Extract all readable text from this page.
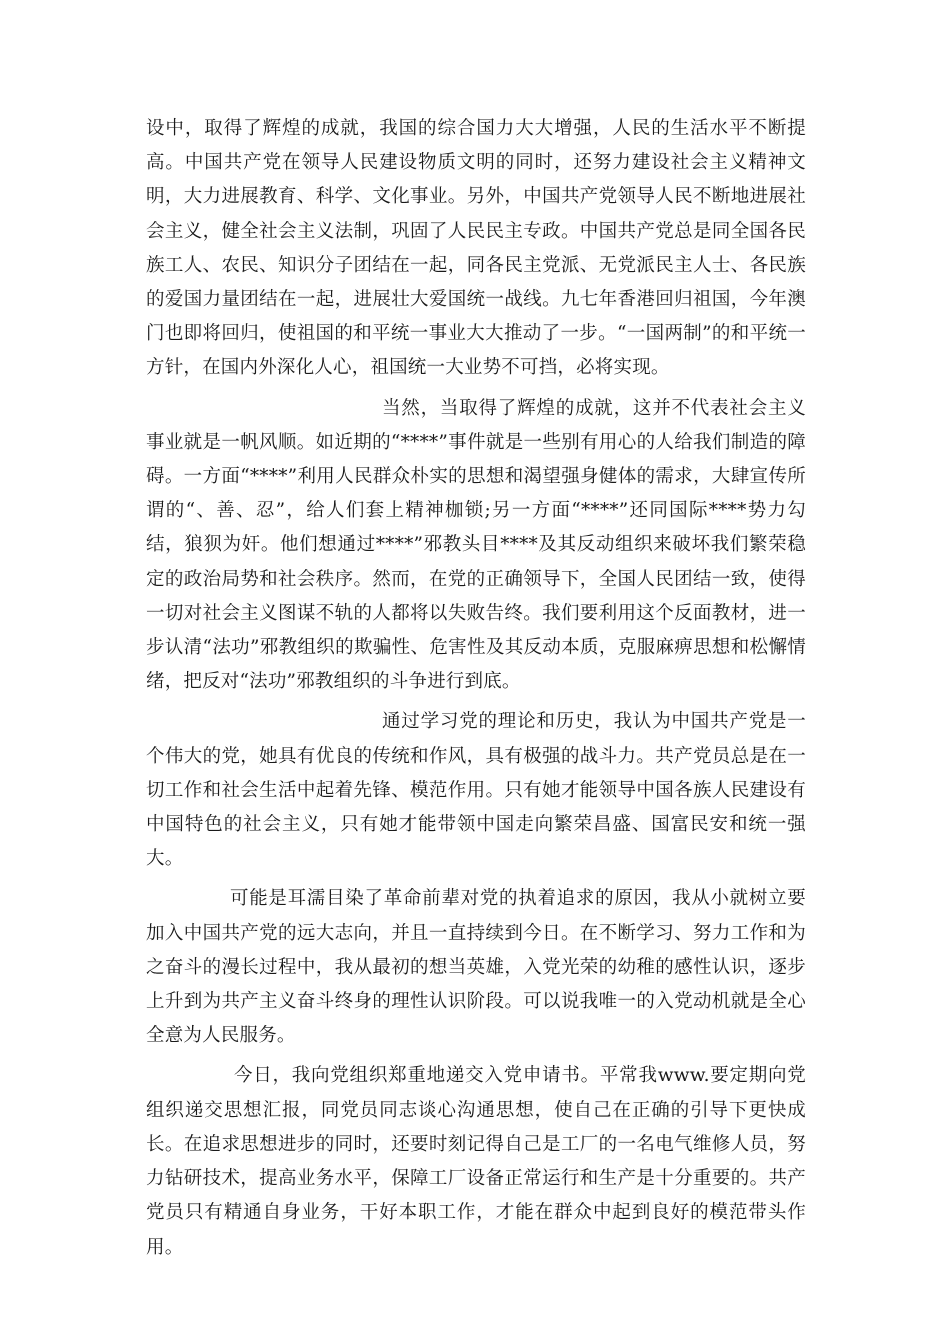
设中，取得了辉煌的成就，我国的综合国力大大增强，人民的生活水平不断提高。中国共产党在领导人民建设物质文明的同时，还努力建设社会主义精神文明，大力进展教育、科学、文化事业。另外，中国共产党领导人民不断地进展社会主义，健全社会主义法制，巩固了人民民主专政。中国共产党总是同全国各民族工人、农民、知识分子团结在一起，同各民主党派、无党派民主人士、各民族的爱国力量团结在一起，进展壮大爱国统一战线。九七年香港回归祖国，今年澳门也即将回归，使祖国的和平统一事业大大推动了一步。“一国两制”的和平统一方针，在国内外深化人心，祖国统一大业势不可挡，必将实现。

当然，当取得了辉煌的成就，这并不代表社会主义事业就是一帆风顺。如近期的“****”事件就是一些别有用心的人给我们制造的障碍。一方面“****”利用人民群众朴实的思想和渴望强身健体的需求，大肆宣传所谓的“、善、忍”，给人们套上精神枷锁;另一方面“****”还同国际****势力勾结，狼狈为奸。他们想通过****”邪教头目****及其反动组织来破坏我们繁荣稳定的政治局势和社会秩序。然而，在党的正确领导下，全国人民团结一致，使得一切对社会主义图谋不轨的人都将以失败告终。我们要利用这个反面教材，进一步认清“法功”邪教组织的欺骗性、危害性及其反动本质，克服麻痹思想和松懈情绪，把反对“法功”邪教组织的斗争进行到底。

通过学习党的理论和历史，我认为中国共产党是一个伟大的党，她具有优良的传统和作风，具有极强的战斗力。共产党员总是在一切工作和社会生活中起着先锋、模范作用。只有她才能领导中国各族人民建设有中国特色的社会主义，只有她才能带领中国走向繁荣昌盛、国富民安和统一强大。

可能是耳濡目染了革命前辈对党的执着追求的原因，我从小就树立要加入中国共产党的远大志向，并且一直持续到今日。在不断学习、努力工作和为之奋斗的漫长过程中，我从最初的想当英雄，入党光荣的幼稚的感性认识，逐步上升到为共产主义奋斗终身的理性认识阶段。可以说我唯一的入党动机就是全心全意为人民服务。

今日，我向党组织郑重地递交入党申请书。平常我www.要定期向党组织递交思想汇报，同党员同志谈心沟通思想，使自己在正确的引导下更快成长。在追求思想进步的同时，还要时刻记得自己是工厂的一名电气维修人员，努力钻研技术，提高业务水平，保障工厂设备正常运行和生产是十分重要的。共产党员只有精通自身业务，干好本职工作，才能在群众中起到良好的模范带头作用。
